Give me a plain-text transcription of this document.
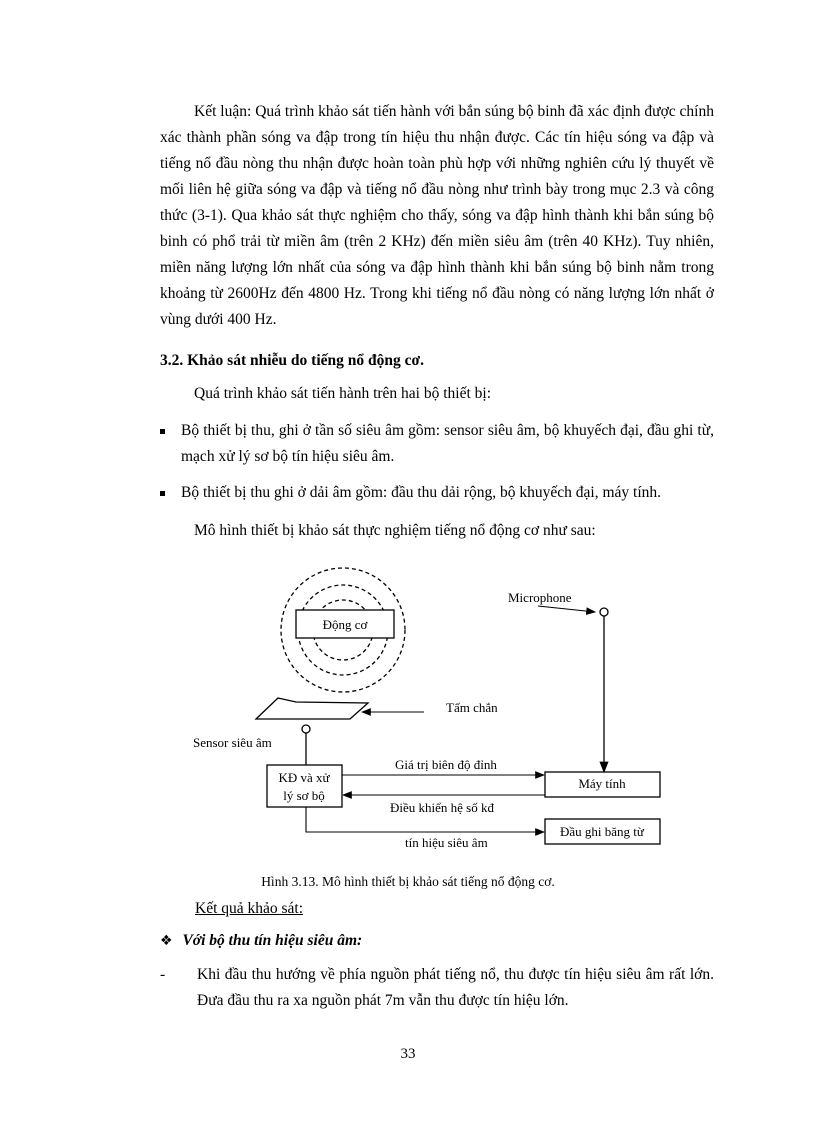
Kết luận: Quá trình khảo sát tiến hành với bắn súng bộ binh đã xác định được chính xác thành phần sóng va đập trong tín hiệu thu nhận được. Các tín hiệu sóng va đập và tiếng nổ đầu nòng thu nhận được hoàn toàn phù hợp với những nghiên cứu lý thuyết về mối liên hệ giữa sóng va đập và tiếng nổ đầu nòng như trình bày trong mục 2.3 và công thức (3-1). Qua khảo sát thực nghiệm cho thấy, sóng va đập hình thành khi bắn súng bộ binh có phổ trải từ miền âm (trên 2 KHz) đến miền siêu âm (trên 40 KHz). Tuy nhiên, miền năng lượng lớn nhất của sóng va đập hình thành khi bắn súng bộ binh nằm trong khoảng từ 2600Hz đến 4800 Hz. Trong khi tiếng nổ đầu nòng có năng lượng lớn nhất ở vùng dưới 400 Hz.

3.2. Khảo sát nhiễu do tiếng nổ động cơ.

Quá trình khảo sát tiến hành trên hai bộ thiết bị:

Bộ thiết bị thu, ghi ở tần số siêu âm gồm: sensor siêu âm, bộ khuyếch đại, đầu ghi từ, mạch xử lý sơ bộ tín hiệu siêu âm.
Bộ thiết bị thu ghi ở dải âm gồm: đầu thu dải rộng, bộ khuyếch đại, máy tính.

Mô hình thiết bị khảo sát thực nghiệm tiếng nổ động cơ như sau:

Động cơ
Microphone
Tấm chắn
Sensor siêu âm
KĐ và xử
lý sơ bộ
Máy tính
Giá trị biên độ đỉnh
Điều khiển hệ số kđ
tín hiệu siêu âm
Đầu ghi băng từ

Hình 3.13. Mô hình thiết bị khảo sát tiếng nổ động cơ.

Kết quả khảo sát:

❖ Với bộ thu tín hiệu siêu âm:
- Khi đầu thu hướng về phía nguồn phát tiếng nổ, thu được tín hiệu siêu âm rất lớn. Đưa đầu thu ra xa nguồn phát 7m vẫn thu được tín hiệu lớn.
33
